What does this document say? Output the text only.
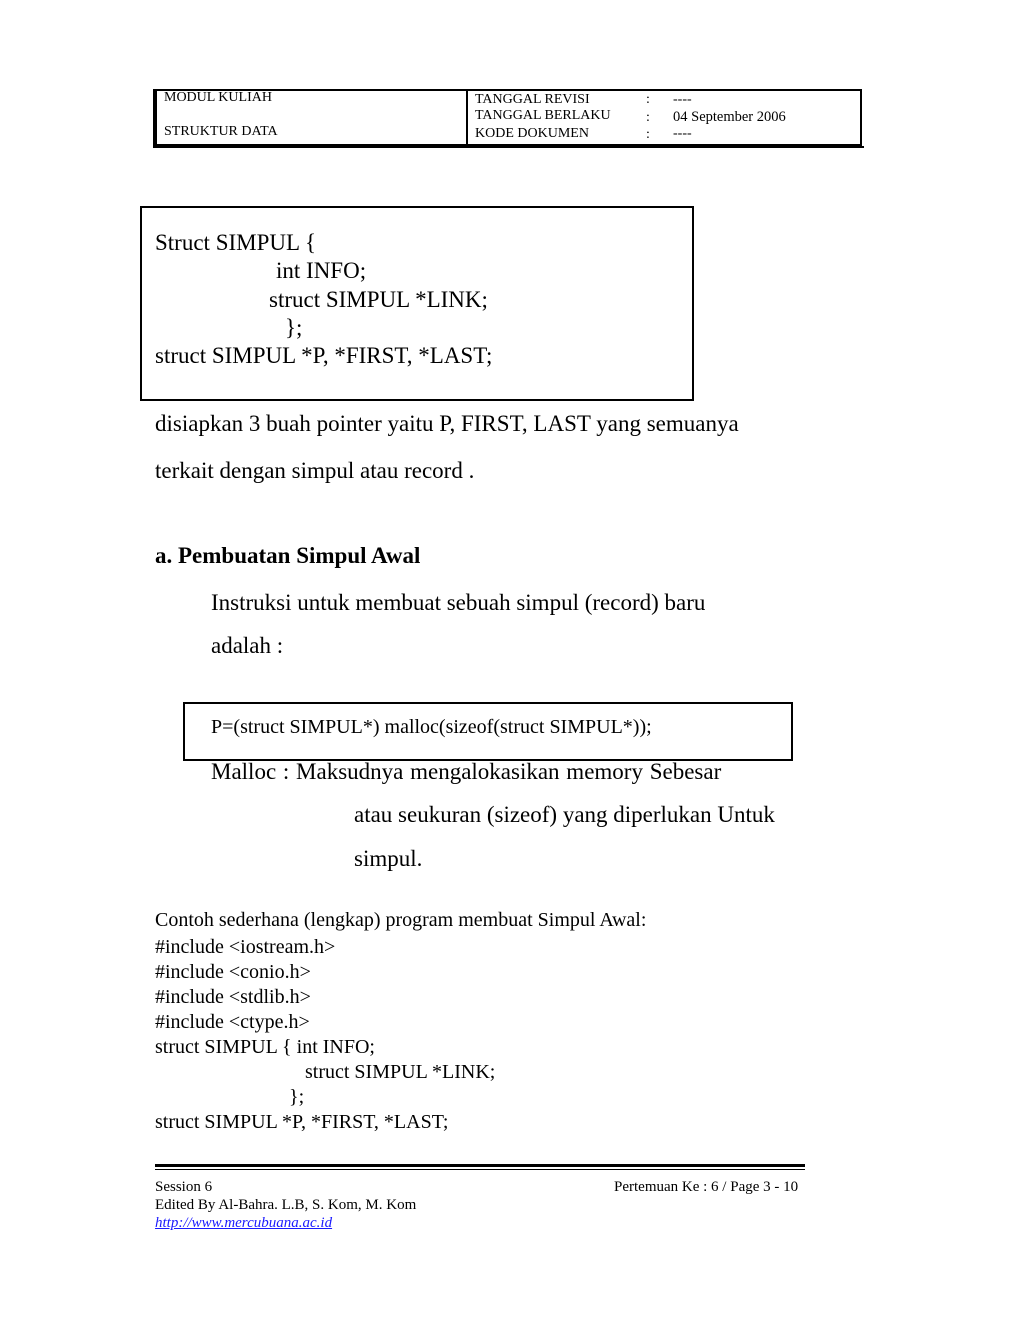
MODUL KULIAH
STRUKTUR DATA
TANGGAL REVISI	: ----
TANGGAL BERLAKU	: 04 September 2006
KODE DOKUMEN	: ----
Struct SIMPUL {
int INFO;
struct SIMPUL *LINK;
};
struct SIMPUL *P, *FIRST, *LAST;
disiapkan 3 buah pointer yaitu P, FIRST, LAST yang semuanya
terkait dengan simpul atau record .
a. Pembuatan Simpul Awal
Instruksi untuk membuat sebuah simpul (record) baru
adalah :
P=(struct SIMPUL*) malloc(sizeof(struct SIMPUL*));
Malloc : Maksudnya mengalokasikan memory Sebesar
atau seukuran (sizeof) yang diperlukan Untuk
simpul.
Contoh sederhana (lengkap) program membuat Simpul Awal:
#include <iostream.h>
#include <conio.h>
#include <stdlib.h>
#include <ctype.h>
struct SIMPUL { int INFO;
struct SIMPUL *LINK;
};
struct SIMPUL *P, *FIRST, *LAST;
Session 6	Pertemuan Ke : 6 / Page 3 - 10
Edited By Al-Bahra. L.B, S. Kom, M. Kom
http://www.mercubuana.ac.id
